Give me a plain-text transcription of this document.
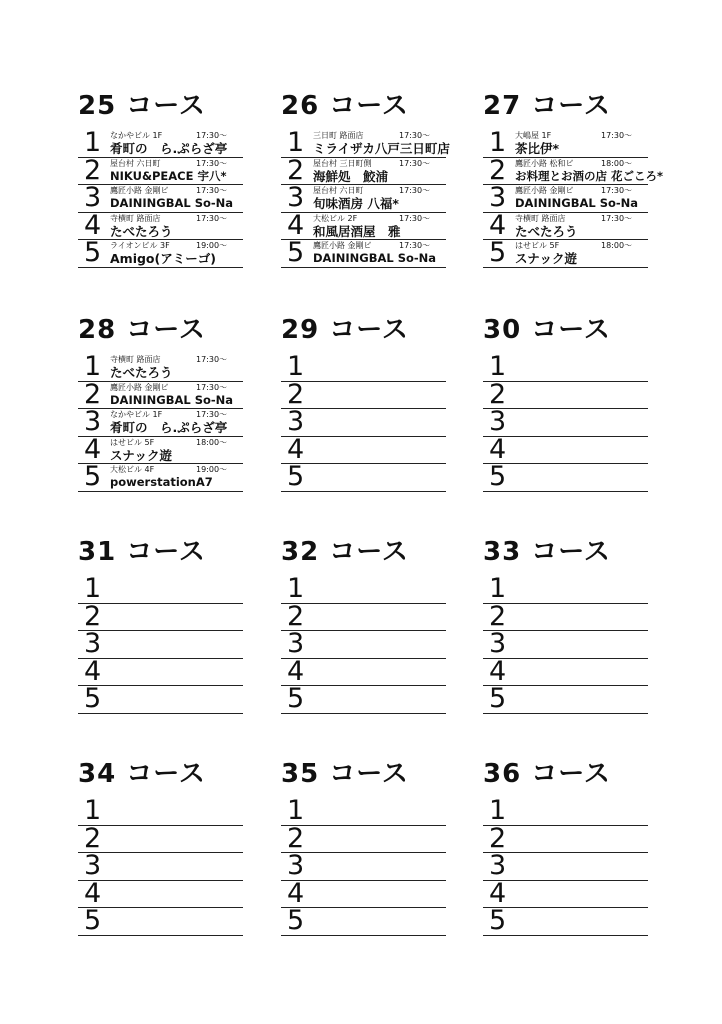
25 コース
1 なかやビル 1F	17:30〜
肴町の　ら.ぷらざ亭
2 屋台村 六日町	17:30〜
NIKU&PEACE 宇八*
3 鷹匠小路 金剛ビ	17:30〜
DAININGBAL So-Na
4 寺横町 路面店	17:30〜
たべたろう
5 ライオンビル 3F	19:00〜
Amigo(アミーゴ)
26 コース
1 三日町 路面店	17:30〜
ミライザカ八戸三日町店
2 屋台村 三日町側	17:30〜
海鮮処　鮫浦
3 屋台村 六日町	17:30〜
旬味酒房 八福*
4 大松ビル 2F	17:30〜
和風居酒屋　雅
5 鷹匠小路 金剛ビ	17:30〜
DAININGBAL So-Na
27 コース
1 大嶋屋 1F	17:30〜
茶比伊*
2 鷹匠小路 松和ビ	18:00〜
お料理とお酒の店 花ごころ*
3 鷹匠小路 金剛ビ	17:30〜
DAININGBAL So-Na
4 寺横町 路面店	17:30〜
たべたろう
5 はせビル 5F	18:00〜
スナック遊
28 コース
1 寺横町 路面店	17:30〜
たべたろう
2 鷹匠小路 金剛ビ	17:30〜
DAININGBAL So-Na
3 なかやビル 1F	17:30〜
肴町の　ら.ぷらざ亭
4 はせビル 5F	18:00〜
スナック遊
5 大松ビル 4F	19:00〜
powerstationA7
29 コース
1
2
3
4
5
30 コース
1
2
3
4
5
31 コース
1
2
3
4
5
32 コース
1
2
3
4
5
33 コース
1
2
3
4
5
34 コース
1
2
3
4
5
35 コース
1
2
3
4
5
36 コース
1
2
3
4
5
